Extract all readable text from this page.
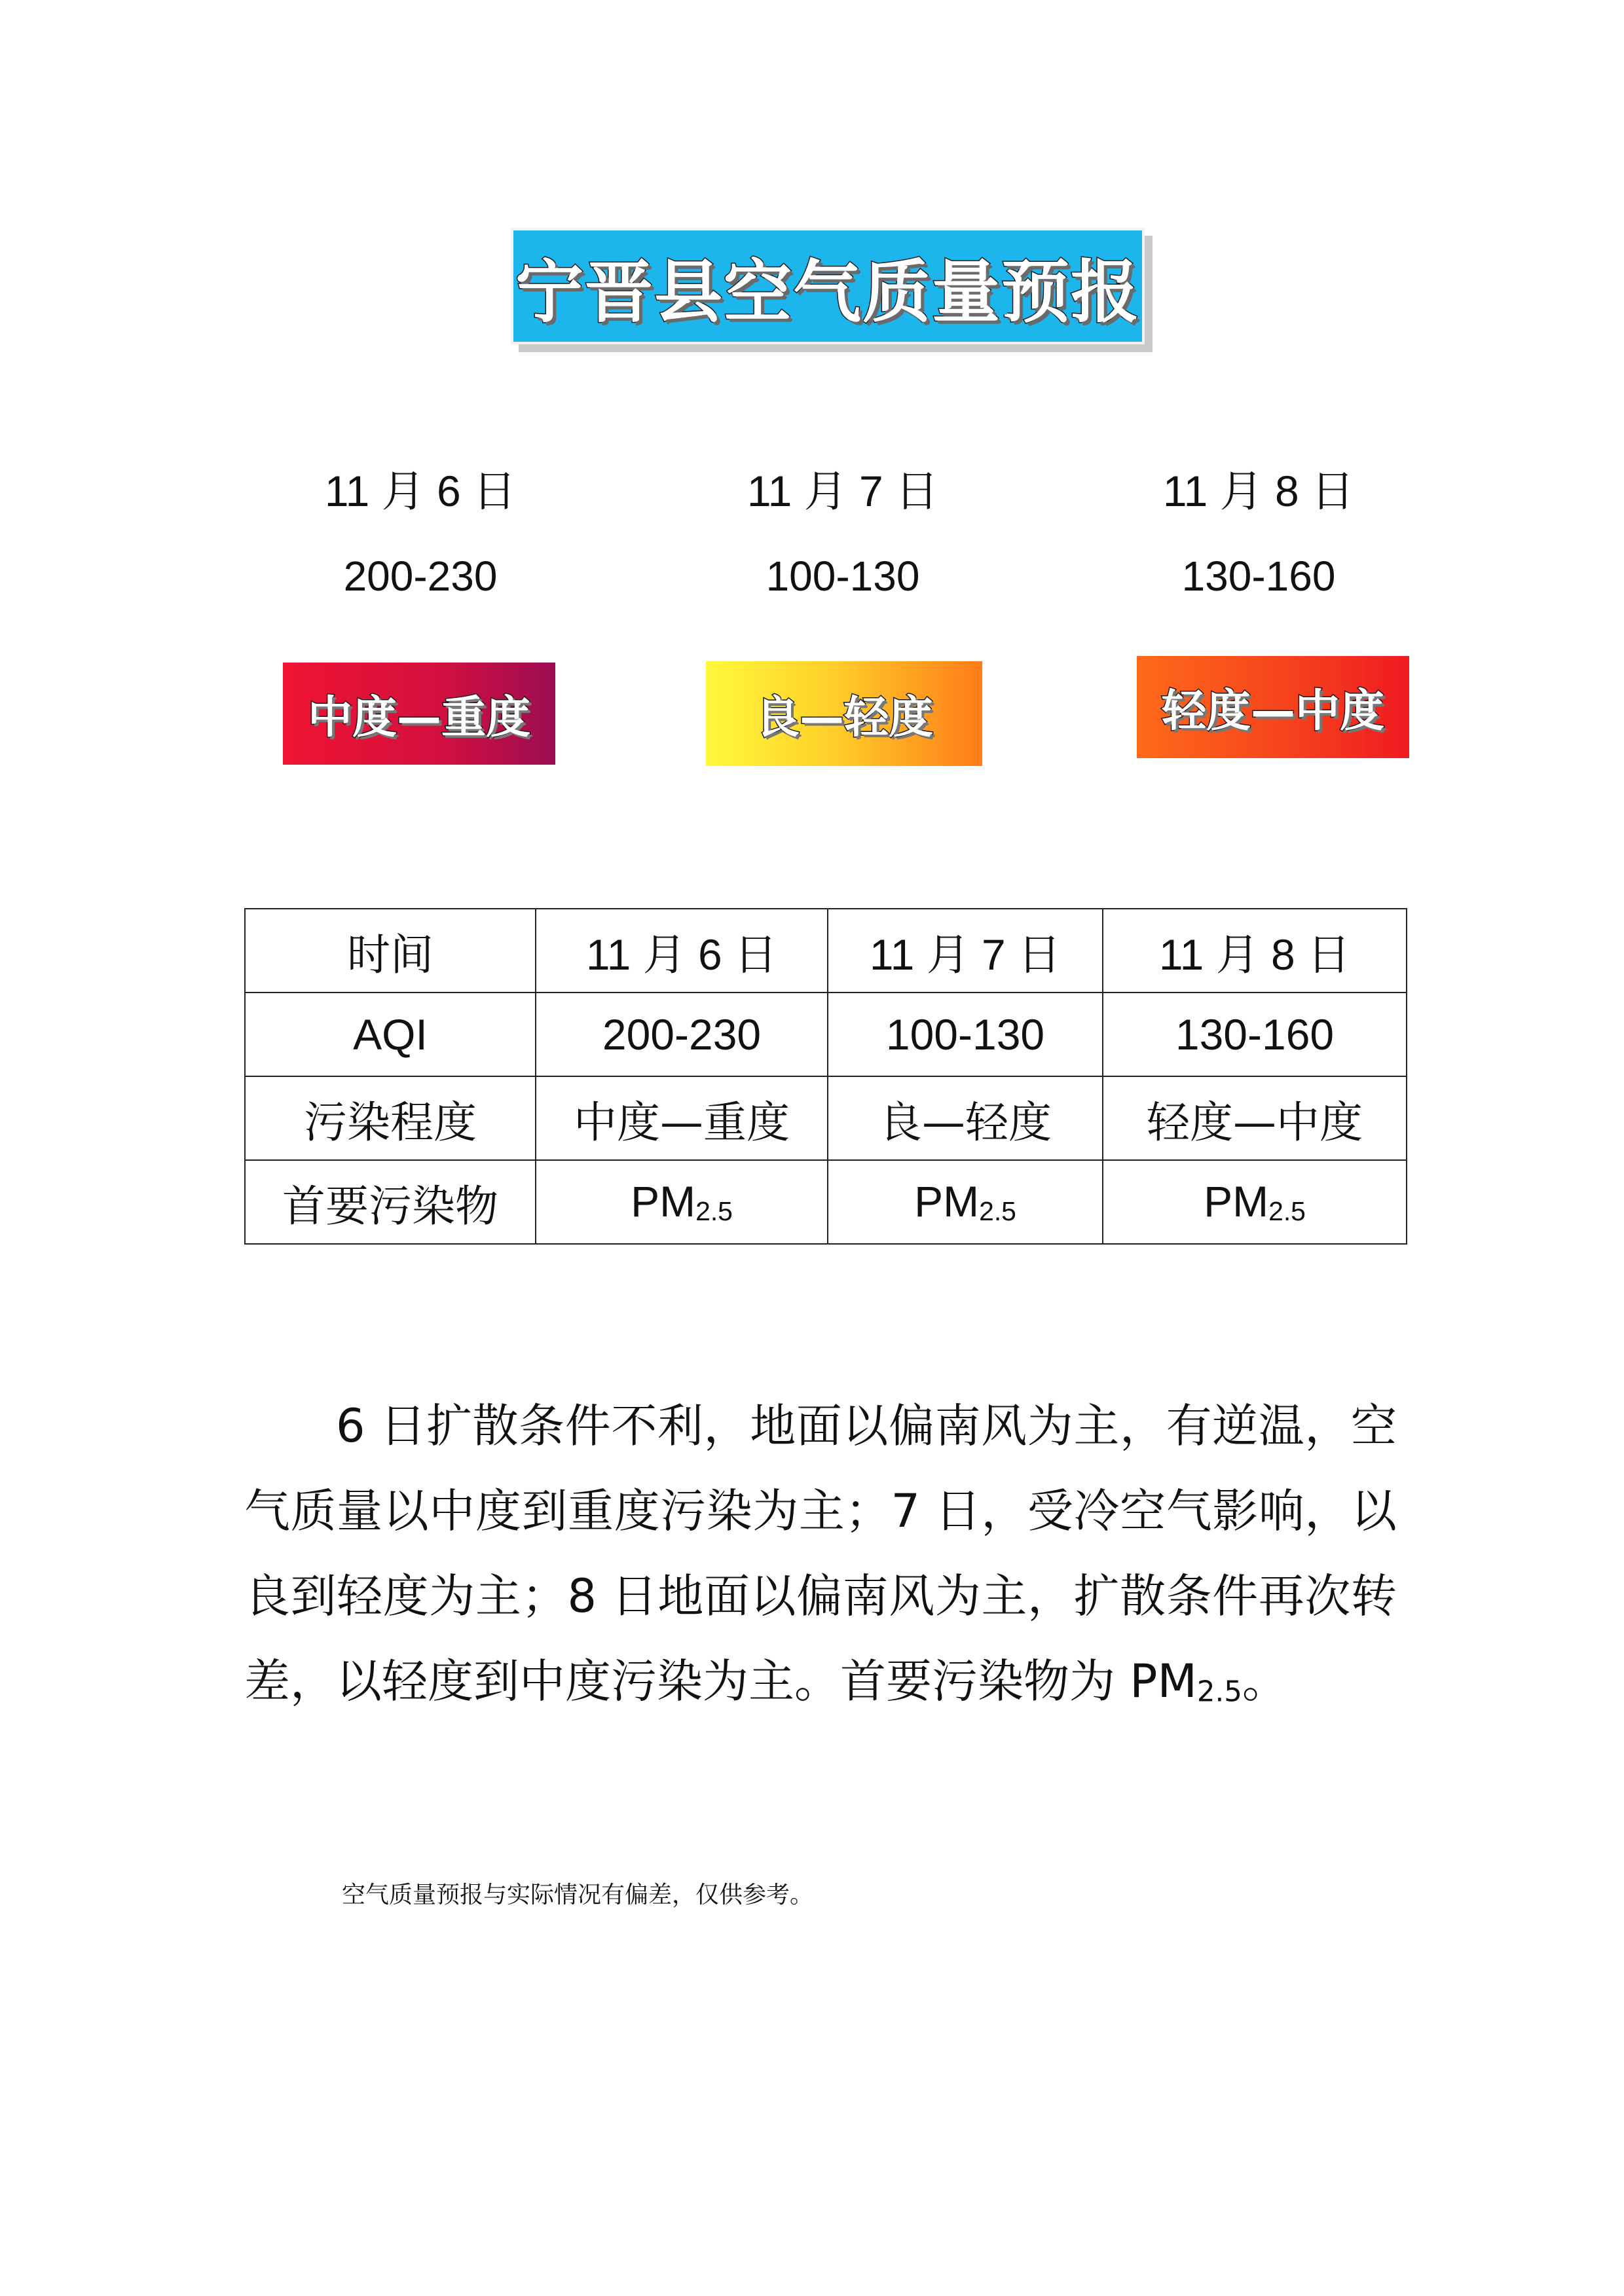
宁晋县空气质量预报
11 月 6 日
200-230
11 月 7 日
100-130
11 月 8 日
130-160
中度—重度	良—轻度	轻度—中度
时间	11 月 6 日	11 月 7 日	11 月 8 日
AQI	200-230	100-130	130-160
污染程度	中度—重度	良—轻度	轻度—中度
首要污染物	PM2.5	PM2.5	PM2.5

6 日扩散条件不利，地面以偏南风为主，有逆温，空气质量以中度到重度污染为主；7 日，受冷空气影响，以良到轻度为主；8 日地面以偏南风为主，扩散条件再次转差，以轻度到中度污染为主。首要污染物为 PM2.5。

空气质量预报与实际情况有偏差，仅供参考。
